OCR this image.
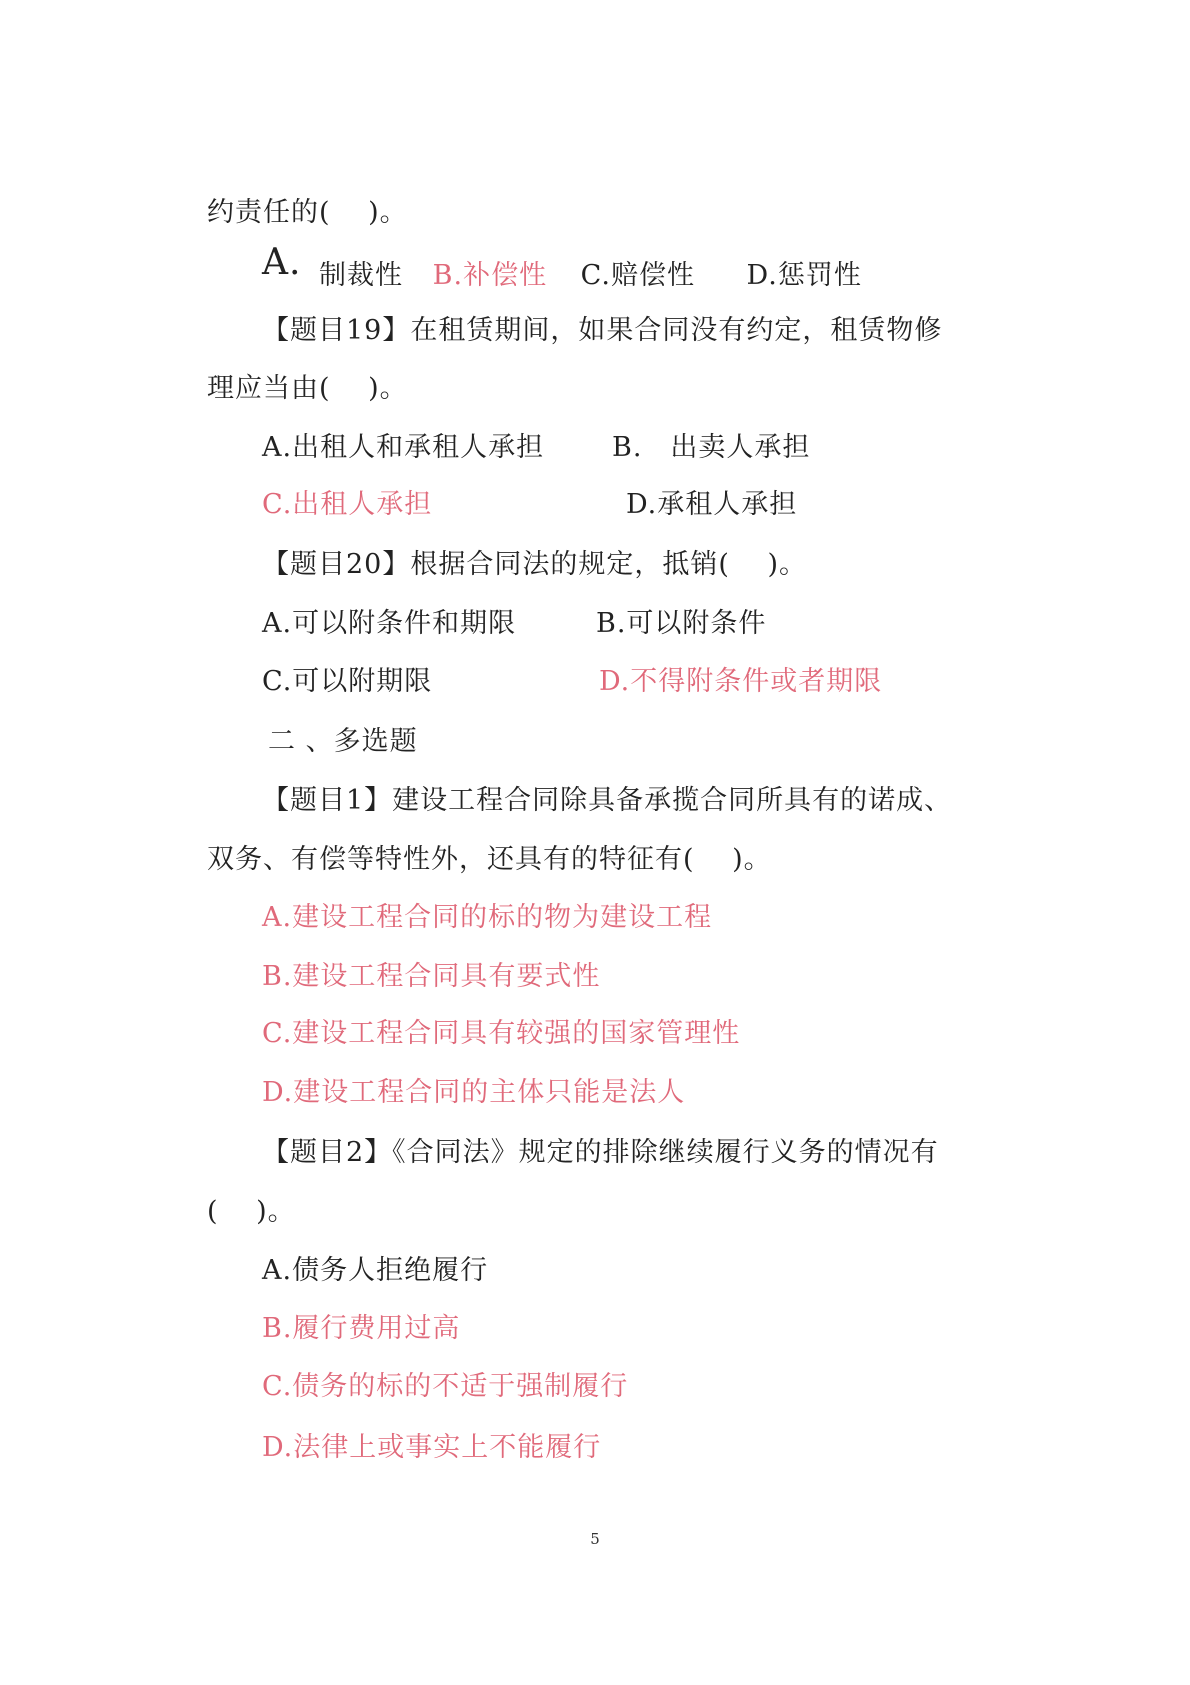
约责任的(　 )。
A. 制裁性 B.补偿性 C.赔偿性 D.惩罚性
【题目19】在租赁期间，如果合同没有约定，租赁物修
理应当由(　 )。
A.出租人和承租人承担	B.　出卖人承担
C.出租人承担	D.承租人承担
【题目20】根据合同法的规定，抵销(　 )。
A.可以附条件和期限	B.可以附条件
C.可以附期限	D.不得附条件或者期限
二 、多选题
【题目1】建设工程合同除具备承揽合同所具有的诺成、
双务、有偿等特性外，还具有的特征有(　 )。
A.建设工程合同的标的物为建设工程
B.建设工程合同具有要式性
C.建设工程合同具有较强的国家管理性
D.建设工程合同的主体只能是法人
【题目2】《合同法》规定的排除继续履行义务的情况有
(　 )。
A.债务人拒绝履行
B.履行费用过高
C.债务的标的不适于强制履行
D.法律上或事实上不能履行
5
